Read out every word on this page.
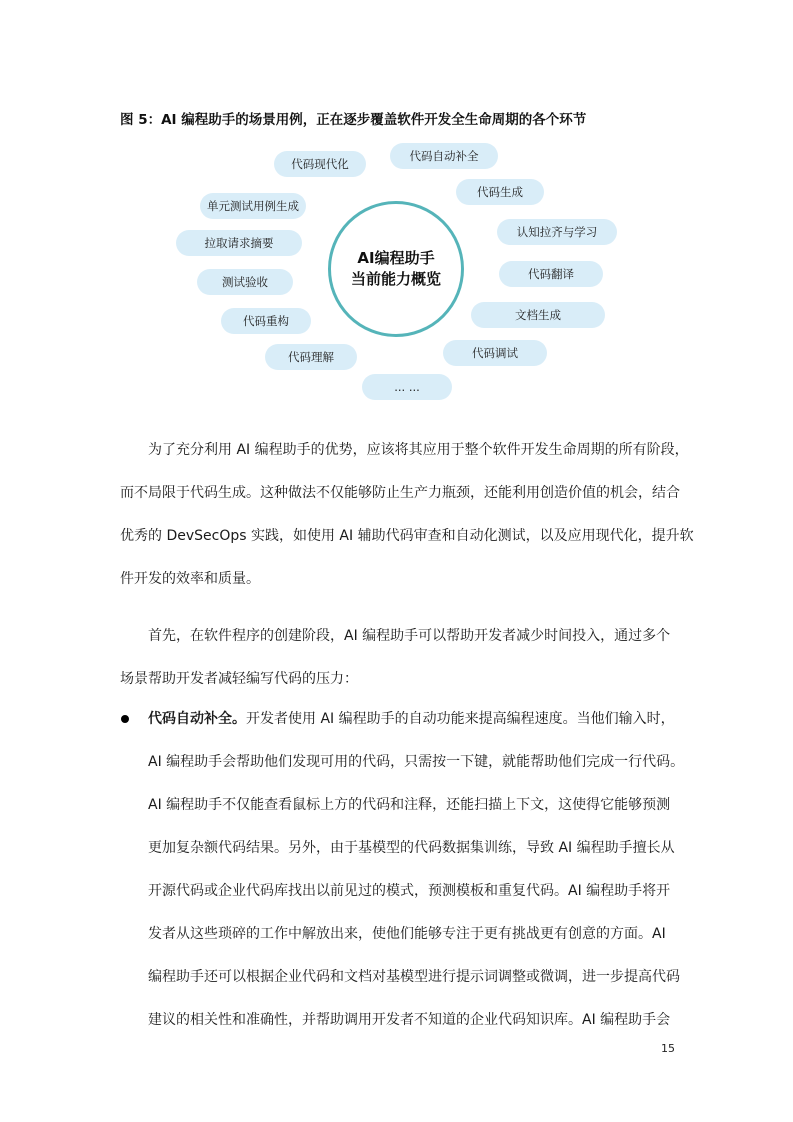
图 5：AI 编程助手的场景用例，正在逐步覆盖软件开发全生命周期的各个环节
代码现代化
代码自动补全
代码生成
单元测试用例生成
认知拉齐与学习
拉取请求摘要
代码翻译
测试验收
文档生成
代码重构
代码调试
代码理解
... ...
AI编程助手
当前能力概览
为了充分利用 AI 编程助手的优势，应该将其应用于整个软件开发生命周期的所有阶段，
而不局限于代码生成。这种做法不仅能够防止生产力瓶颈，还能利用创造价值的机会，结合
优秀的 DevSecOps 实践，如使用 AI 辅助代码审查和自动化测试，以及应用现代化，提升软
件开发的效率和质量。
首先，在软件程序的创建阶段，AI 编程助手可以帮助开发者减少时间投入，通过多个
场景帮助开发者减轻编写代码的压力：
代码自动补全。开发者使用 AI 编程助手的自动功能来提高编程速度。当他们输入时，
AI 编程助手会帮助他们发现可用的代码，只需按一下键，就能帮助他们完成一行代码。
AI 编程助手不仅能查看鼠标上方的代码和注释，还能扫描上下文，这使得它能够预测
更加复杂额代码结果。另外，由于基模型的代码数据集训练，导致 AI 编程助手擅长从
开源代码或企业代码库找出以前见过的模式，预测模板和重复代码。AI 编程助手将开
发者从这些琐碎的工作中解放出来，使他们能够专注于更有挑战更有创意的方面。AI
编程助手还可以根据企业代码和文档对基模型进行提示词调整或微调，进一步提高代码
建议的相关性和准确性，并帮助调用开发者不知道的企业代码知识库。AI 编程助手会
15
